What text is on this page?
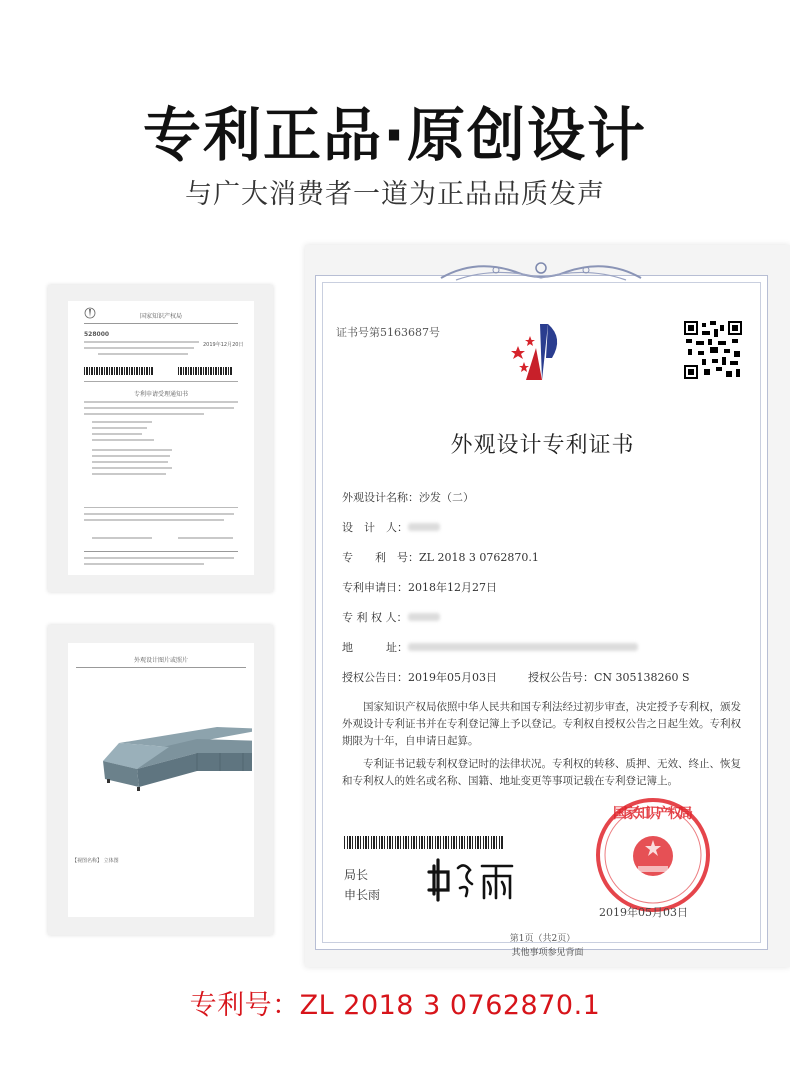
专利正品·原创设计
与广大消费者一道为正品品质发声
国家知识产权局
528000
2019年12月20日
专利申请受理通知书
外观设计图片或照片
【视图名称】 立体图
证书号第5163687号
外观设计专利证书
外观设计名称：沙发（二）
设　计　人：
专　　利　号：ZL 2018 3 0762870.1
专利申请日：2018年12月27日
专 利 权 人：
地　　　址：
授权公告日：2019年05月03日	授权公告号：CN 305138260 S
国家知识产权局依照中华人民共和国专利法经过初步审查，决定授予专利权，颁发外观设计专利证书并在专利登记簿上予以登记。专利权自授权公告之日起生效。专利权期限为十年，自申请日起算。
专利证书记载专利权登记时的法律状况。专利权的转移、质押、无效、终止、恢复和专利权人的姓名或名称、国籍、地址变更等事项记载在专利登记簿上。
局长
申长雨
国家知识产权局
2019年05月03日
第1页（共2页）
其他事项参见背面
专利号：ZL 2018 3 0762870.1
